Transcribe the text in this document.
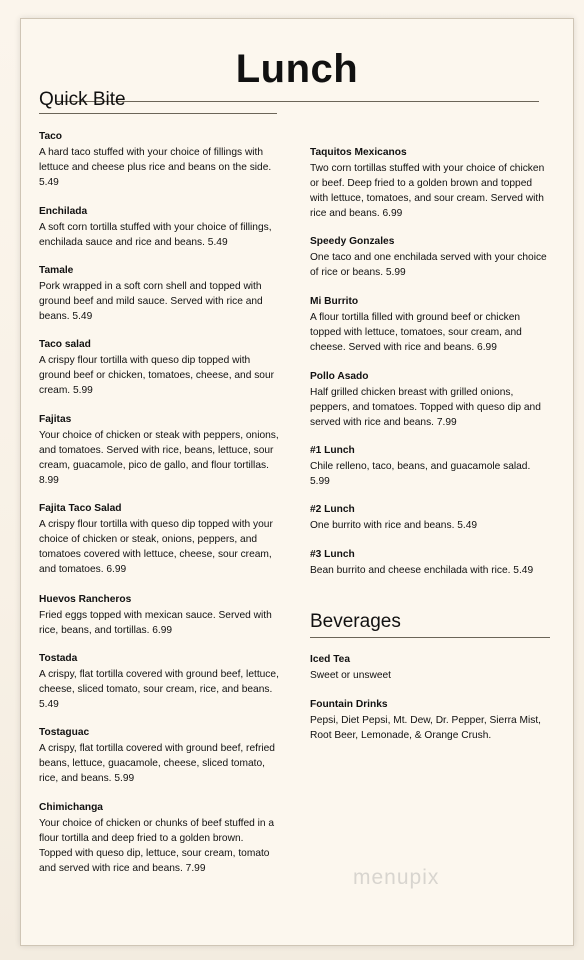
Lunch
Quick Bite
Taco
A hard taco stuffed with your choice of fillings with lettuce and cheese plus rice and beans on the side. 5.49
Enchilada
A soft corn tortilla stuffed with your choice of fillings, enchilada sauce and rice and beans. 5.49
Tamale
Pork wrapped in a soft corn shell and topped with ground beef and mild sauce. Served with rice and beans. 5.49
Taco salad
A crispy flour tortilla with queso dip topped with ground beef or chicken, tomatoes, cheese, and sour cream. 5.99
Fajitas
Your choice of chicken or steak with peppers, onions, and tomatoes. Served with rice, beans, lettuce, sour cream, guacamole, pico de gallo, and flour tortillas. 8.99
Fajita Taco Salad
A crispy flour tortilla with queso dip topped with your choice of chicken or steak, onions, peppers, and tomatoes covered with lettuce, cheese, sour cream, and tomatoes. 6.99
Huevos Rancheros
Fried eggs topped with mexican sauce. Served with rice, beans, and tortillas. 6.99
Tostada
A crispy, flat tortilla covered with ground beef, lettuce, cheese, sliced tomato, sour cream, rice, and beans. 5.49
Tostaguac
A crispy, flat tortilla covered with ground beef, refried beans, lettuce, guacamole, cheese, sliced tomato, rice, and beans. 5.99
Chimichanga
Your choice of chicken or chunks of beef stuffed in a flour tortilla and deep fried to a golden brown. Topped with queso dip, lettuce, sour cream, tomato and served with rice and beans. 7.99
Taquitos Mexicanos
Two corn tortillas stuffed with your choice of chicken or beef. Deep fried to a golden brown and topped with lettuce, tomatoes, and sour cream. Served with rice and beans. 6.99
Speedy Gonzales
One taco and one enchilada served with your choice of rice or beans. 5.99
Mi Burrito
A flour tortilla filled with ground beef or chicken topped with lettuce, tomatoes, sour cream, and cheese. Served with rice and beans. 6.99
Pollo Asado
Half grilled chicken breast with grilled onions, peppers, and tomatoes. Topped with queso dip and served with rice and beans. 7.99
#1 Lunch
Chile relleno, taco, beans, and guacamole salad. 5.99
#2 Lunch
One burrito with rice and beans. 5.49
#3 Lunch
Bean burrito and cheese enchilada with rice. 5.49
Beverages
Iced Tea
Sweet or unsweet
Fountain Drinks
Pepsi, Diet Pepsi, Mt. Dew, Dr. Pepper, Sierra Mist, Root Beer, Lemonade, & Orange Crush.
menupix
